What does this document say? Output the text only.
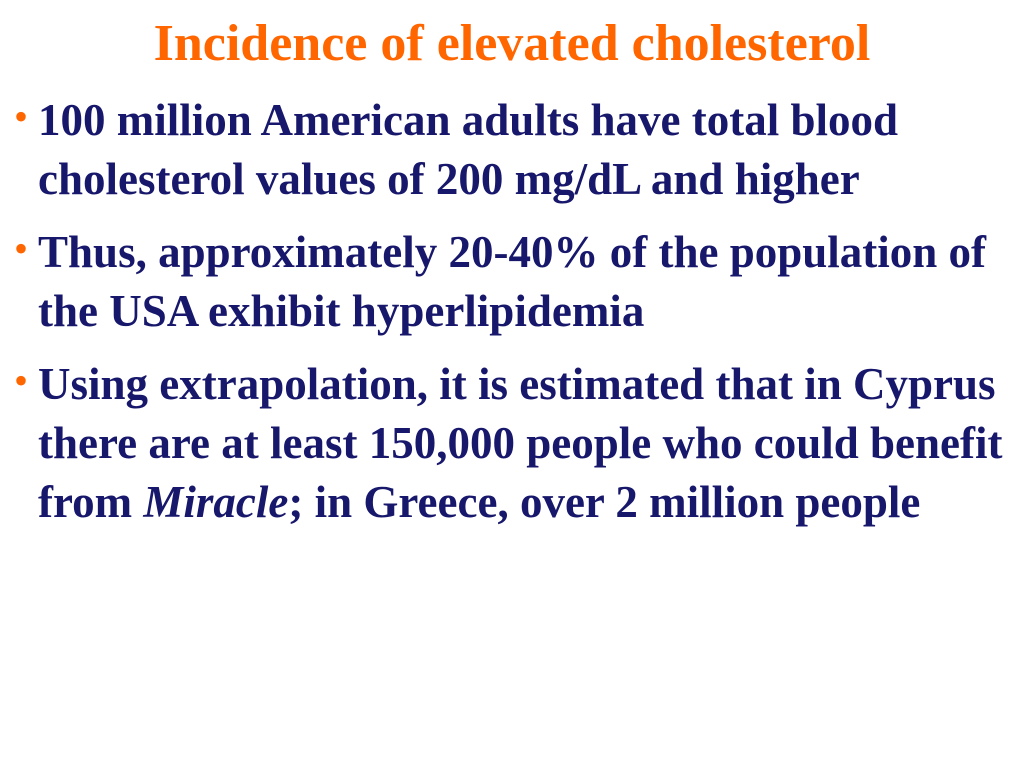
Incidence of elevated cholesterol
• 100 million American adults have total blood cholesterol values of 200 mg/dL and higher
• Thus, approximately 20-40% of the population of the USA exhibit hyperlipidemia
• Using extrapolation, it is estimated that in Cyprus there are at least 150,000 people who could benefit from Miracle; in Greece, over 2 million people
